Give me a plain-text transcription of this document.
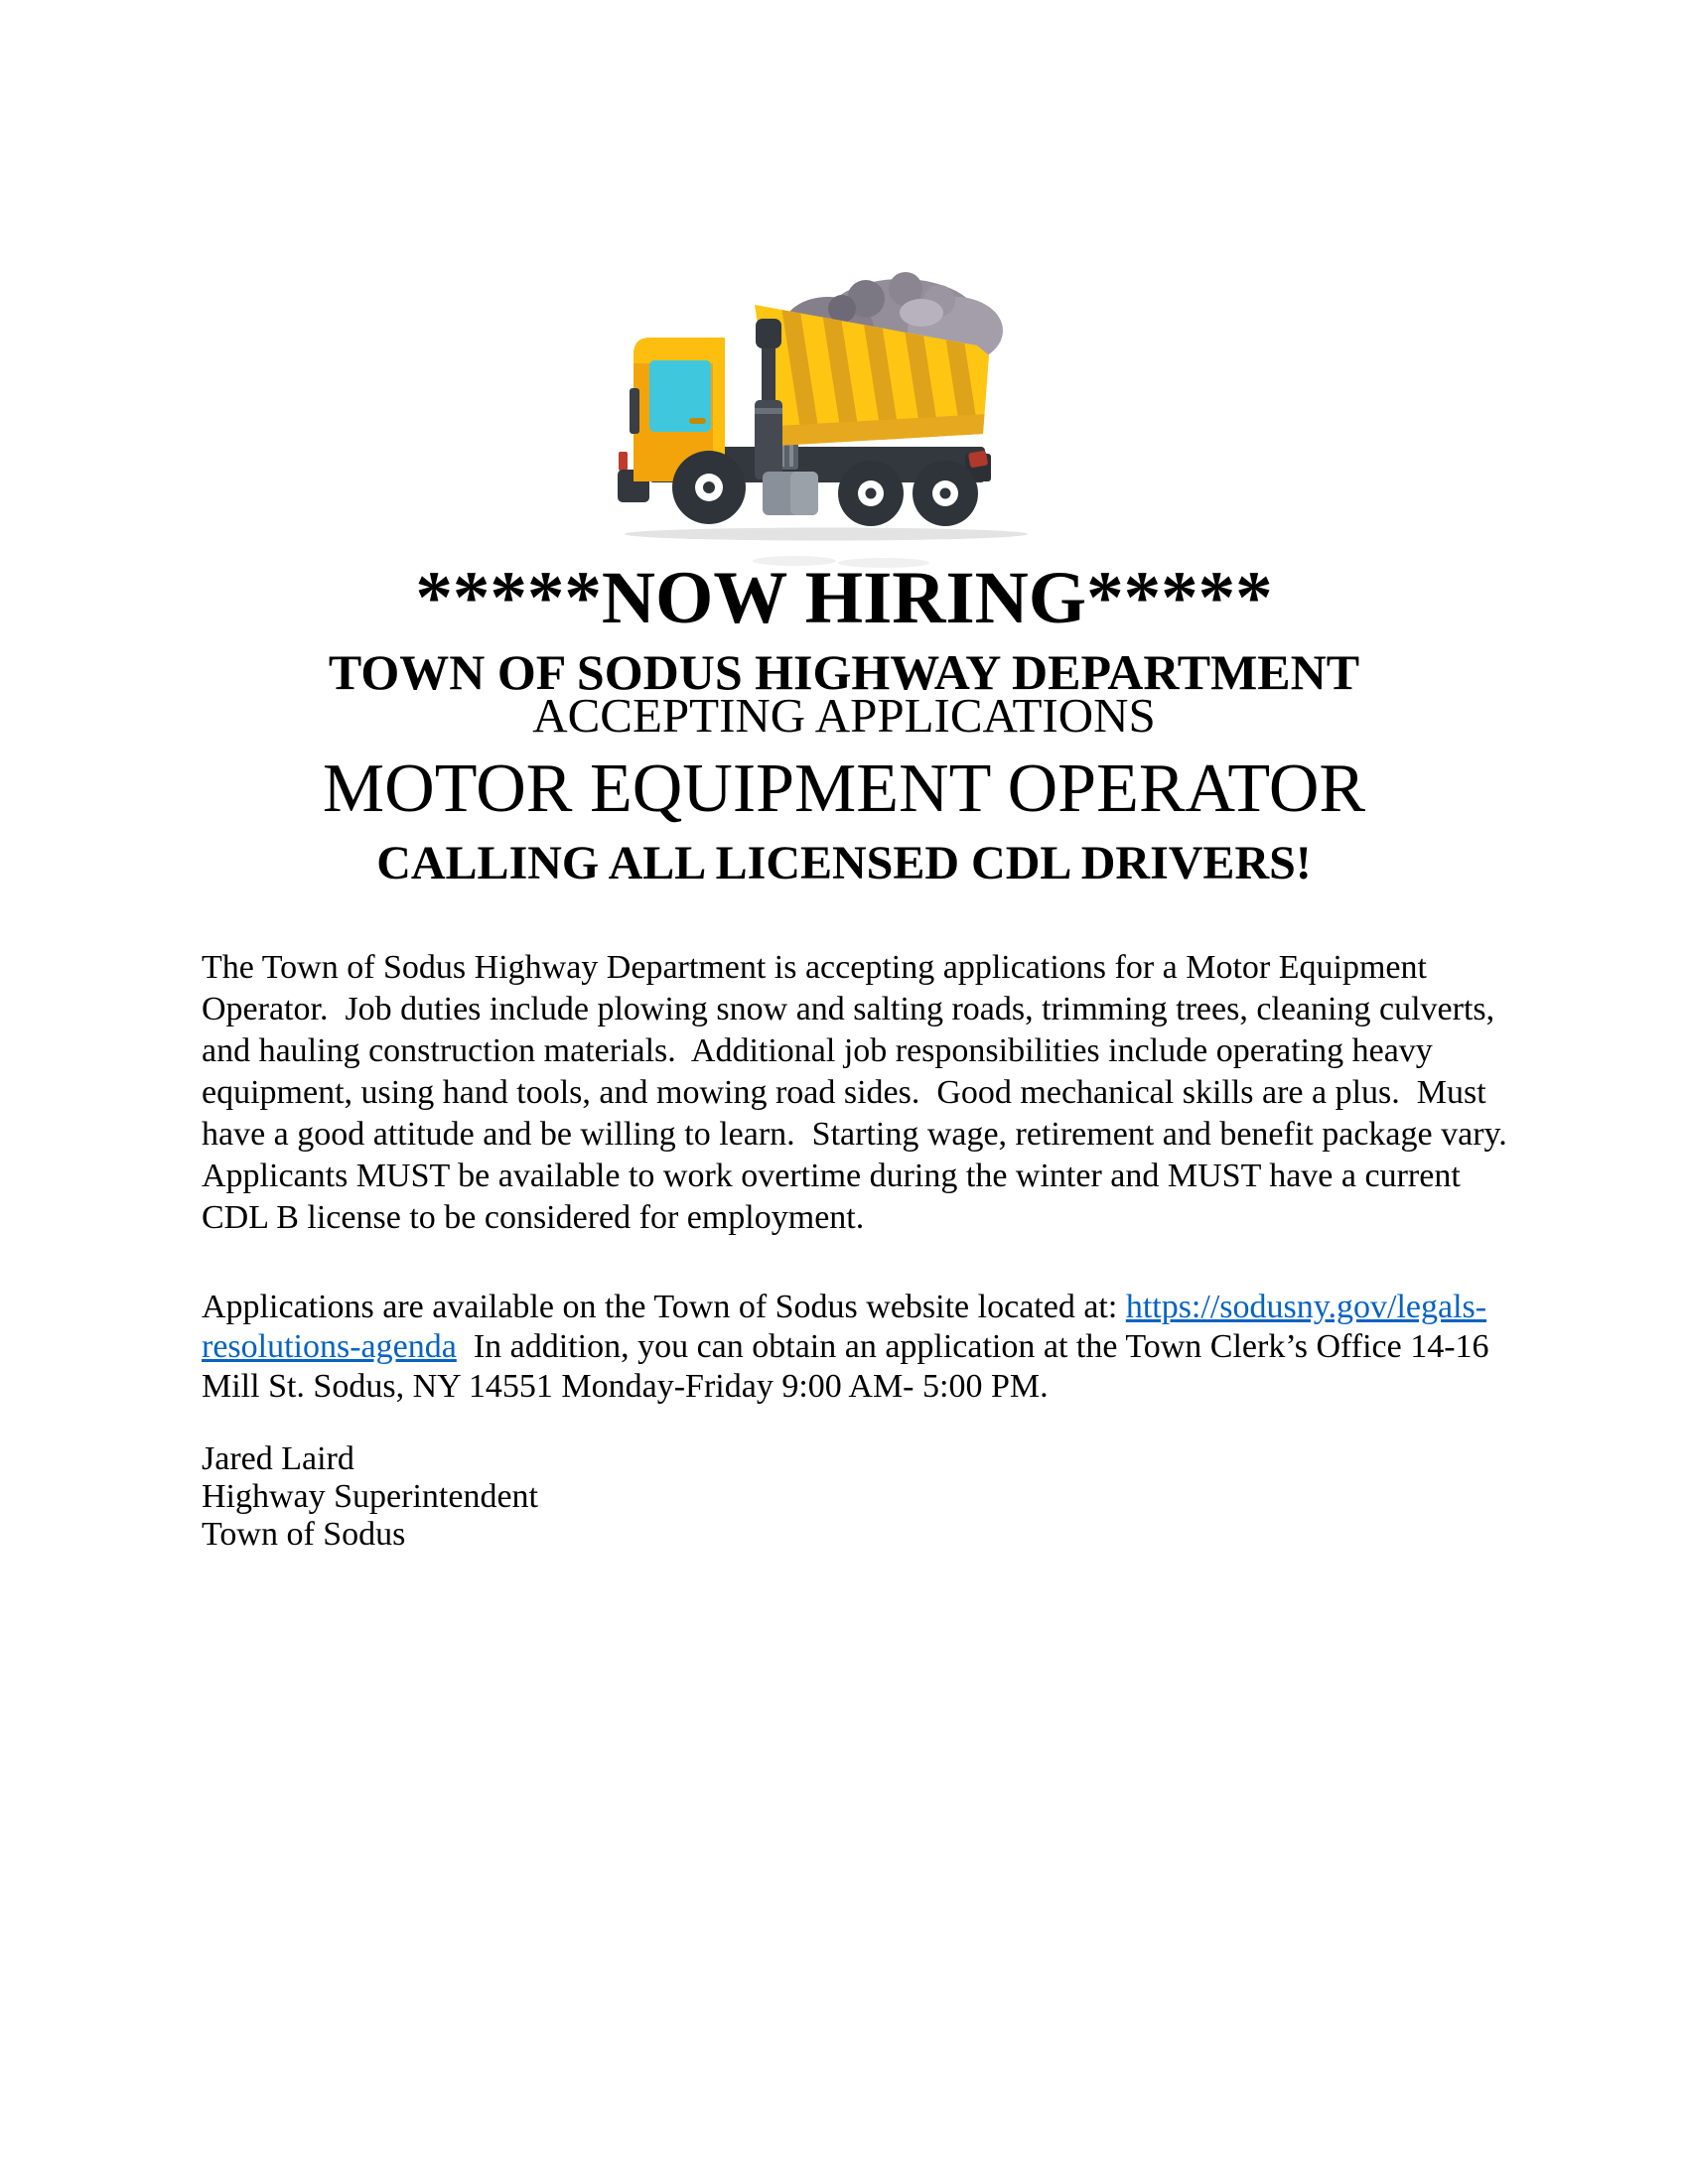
*****NOW HIRING*****
TOWN OF SODUS HIGHWAY DEPARTMENT
ACCEPTING APPLICATIONS
MOTOR EQUIPMENT OPERATOR
CALLING ALL LICENSED CDL DRIVERS!
The Town of Sodus Highway Department is accepting applications for a Motor Equipment
Operator.  Job duties include plowing snow and salting roads, trimming trees, cleaning culverts,
and hauling construction materials.  Additional job responsibilities include operating heavy
equipment, using hand tools, and mowing road sides.  Good mechanical skills are a plus.  Must
have a good attitude and be willing to learn.  Starting wage, retirement and benefit package vary.
Applicants MUST be available to work overtime during the winter and MUST have a current
CDL B license to be considered for employment.
Applications are available on the Town of Sodus website located at: https://sodusny.gov/legals-
resolutions-agenda  In addition, you can obtain an application at the Town Clerk’s Office 14-16
Mill St. Sodus, NY 14551 Monday-Friday 9:00 AM- 5:00 PM.
Jared Laird
Highway Superintendent
Town of Sodus
